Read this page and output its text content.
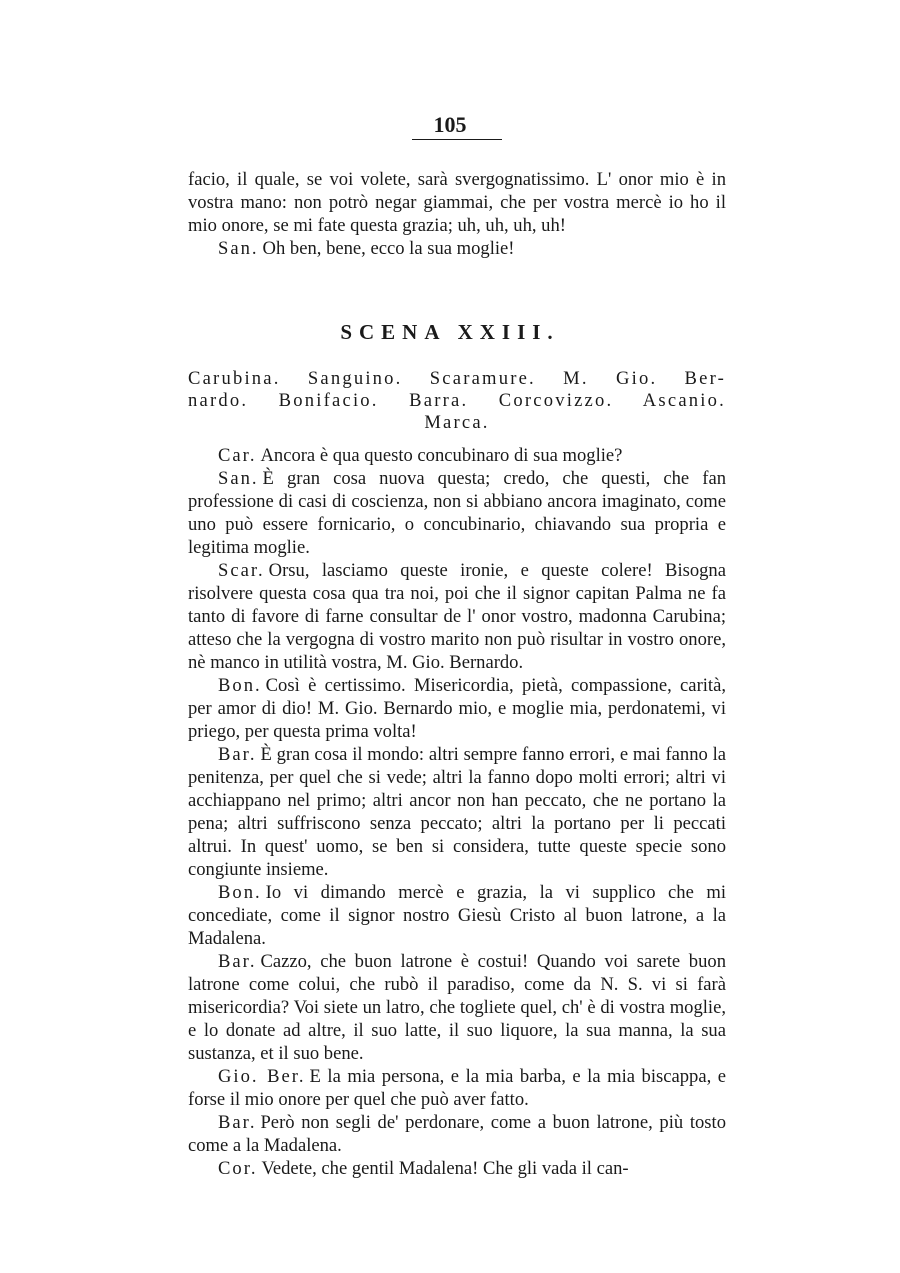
105

facio, il quale, se voi volete, sarà svergognatissimo. L' onor mio è in vostra mano: non potrò negar giammai, che per vostra mercè io ho il mio onore, se mi fate questa grazia; uh, uh, uh, uh!

San. Oh ben, bene, ecco la sua moglie!

SCENA XXIII.
Carubina. Sanguino. Scaramure. M. Gio. Ber-
nardo. Bonifacio. Barra. Corcovizzo. Ascanio.
Marca.

Car. Ancora è qua questo concubinaro di sua moglie?

San. È gran cosa nuova questa; credo, che questi, che fan professione di casi di coscienza, non si abbiano ancora imaginato, come uno può essere fornicario, o concubinario, chiavando sua propria e legitima moglie.

Scar. Orsu, lasciamo queste ironie, e queste colere! Bisogna risolvere questa cosa qua tra noi, poi che il signor capitan Palma ne fa tanto di favore di farne consultar de l' onor vostro, madonna Carubina; atteso che la vergogna di vostro marito non può risultar in vostro onore, nè manco in utilità vostra, M. Gio. Bernardo.

Bon. Così è certissimo. Misericordia, pietà, compassione, carità, per amor di dio! M. Gio. Bernardo mio, e moglie mia, perdonatemi, vi priego, per questa prima volta!

Bar. È gran cosa il mondo: altri sempre fanno errori, e mai fanno la penitenza, per quel che si vede; altri la fanno dopo molti errori; altri vi acchiappano nel primo; altri ancor non han peccato, che ne portano la pena; altri suffriscono senza peccato; altri la portano per li peccati altrui. In quest' uomo, se ben si considera, tutte queste specie sono congiunte insieme.

Bon. Io vi dimando mercè e grazia, la vi supplico che mi concediate, come il signor nostro Giesù Cristo al buon latrone, a la Madalena.

Bar. Cazzo, che buon latrone è costui! Quando voi sarete buon latrone come colui, che rubò il paradiso, come da N. S. vi si farà misericordia? Voi siete un latro, che togliete quel, ch' è di vostra moglie, e lo donate ad altre, il suo latte, il suo liquore, la sua manna, la sua sustanza, et il suo bene.

Gio. Ber. E la mia persona, e la mia barba, e la mia biscappa, e forse il mio onore per quel che può aver fatto.

Bar. Però non segli de' perdonare, come a buon latrone, più tosto come a la Madalena.

Cor. Vedete, che gentil Madalena! Che gli vada il can-
